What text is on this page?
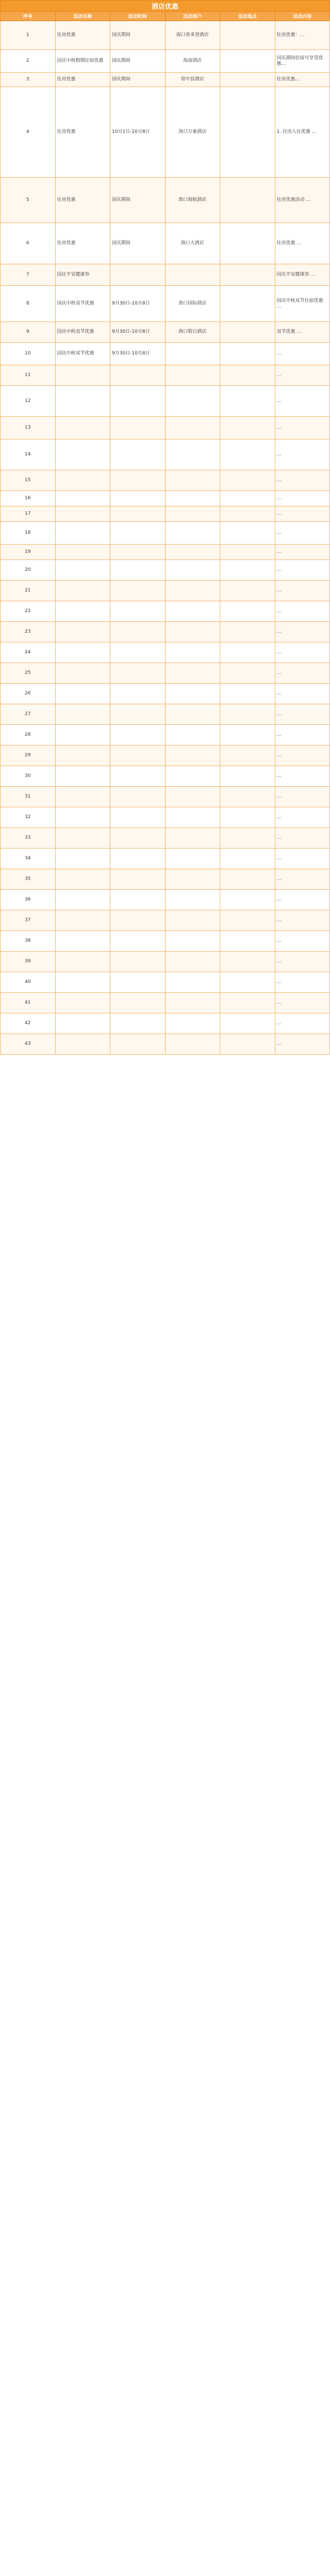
酒店优惠					
序号	活动名称	活动时间	活动商户	活动地点	活动内容
1	住房优惠	国庆期间	海口喜来登酒店		住房优惠：…
2	国庆中秋假期住宿优惠	国庆期间	海南酒店		国庆期间住宿可享受优惠…
3	住房优惠	国庆期间	琼中县酒店		住房优惠…
4	住房优惠	10月1日-10月8日	海口万豪酒店		1. 住房入住优惠 …
5	住房优惠	国庆期间	海口海航酒店		住房优惠活动 …
6	住房优惠	国庆期间	海口大酒店		住房优惠 …
7	国庆平安健康券				国庆平安健康券 …
8	国庆中秋双节优惠	9月30日-10月8日	海口国际酒店		国庆中秋双节住宿优惠 …
9	国庆中秋双节优惠	9月30日-10月8日	海口假日酒店		双节优惠 …
10	国庆中秋双节优惠	9月30日-10月8日			…
11					…
12					…
13					…
14					…
15					…
16					…
17					…
18					…
19					…
20					…
21					…
22					…
23					…
24					…
25					…
26					…
27					…
28					…
29					…
30					…
31					…
32					…
33					…
34					…
35					…
36					…
37					…
38					…
39					…
40					…
41					…
42					…
43					…
